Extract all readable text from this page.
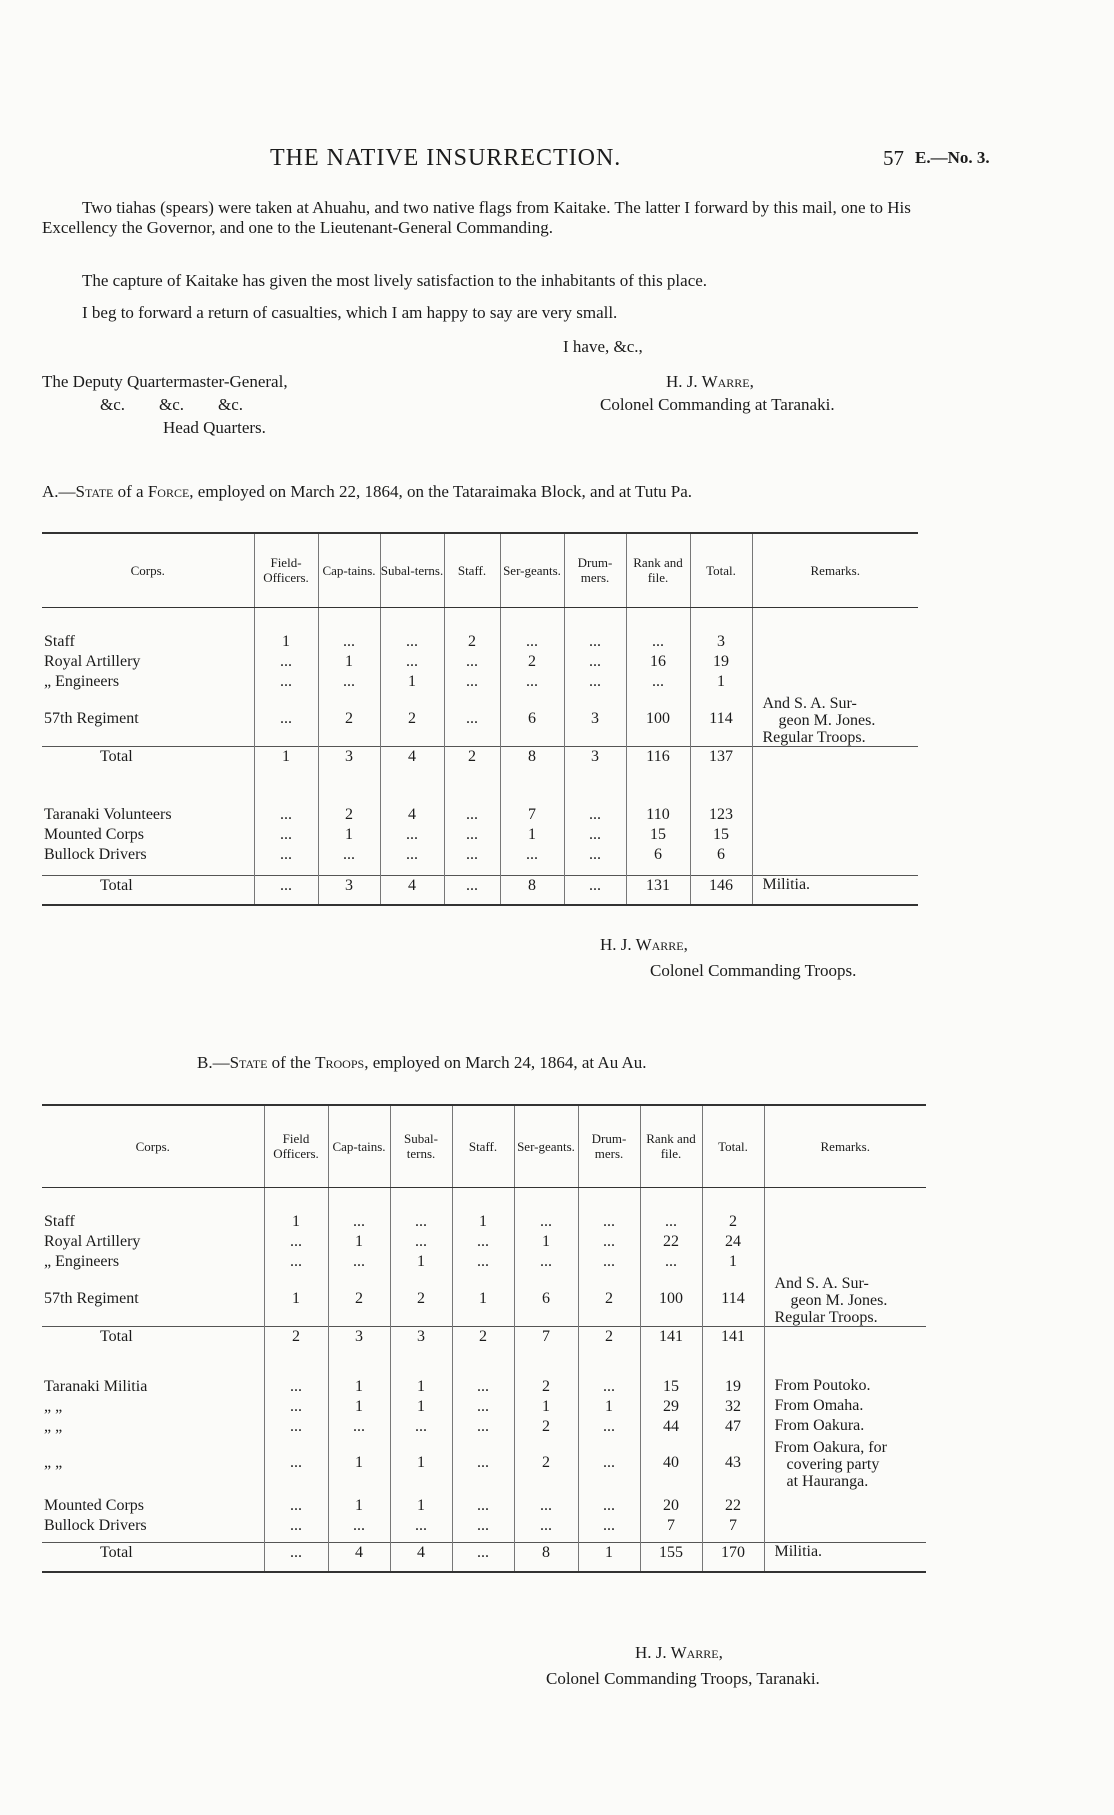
THE NATIVE INSURRECTION.	57 E.—No. 3.
Two tiahas (spears) were taken at Ahuahu, and two native flags from Kaitake. The latter I forward by this mail, one to His Excellency the Governor, and one to the Lieutenant-General Commanding.
The capture of Kaitake has given the most lively satisfaction to the inhabitants of this place.
I beg to forward a return of casualties, which I am happy to say are very small.
I have, &c.,
The Deputy Quartermaster-General,
&c.        &c.        &c.
Head Quarters.
H. J. Warre,
Colonel Commanding at Taranaki.
A.—State of a Force, employed on March 22, 1864, on the Tataraimaka Block, and at Tutu Pa.
Corps.	Field-Officers.	Cap-tains.	Subal-terns.	Staff.	Ser-geants.	Drum-mers.	Rank and file.	Total.	Remarks.

Staff	1	...	...	2	...	...	...	3	
Royal Artillery	...	1	...	...	2	...	16	19	
„ Engineers	...	...	1	...	...	...	...	1	
57th Regiment	...	2	2	...	6	3	100	114	And S. A. Sur-
geon M. Jones.
Regular Troops.

Total	1	3	4	2	8	3	116	137	

Taranaki Volunteers	...	2	4	...	7	...	110	123	
Mounted Corps	...	1	...	...	1	...	15	15	
Bullock Drivers	...	...	...	...	...	...	6	6	

Total	...	3	4	...	8	...	131	146	Militia.

H. J. Warre,
Colonel Commanding Troops.
B.—State of the Troops, employed on March 24, 1864, at Au Au.
Corps.	Field Officers.	Cap-tains.	Subal-terns.	Staff.	Ser-geants.	Drum-mers.	Rank and file.	Total.	Remarks.

Staff	1	...	...	1	...	...	...	2	
Royal Artillery	...	1	...	...	1	...	22	24	
„ Engineers	...	...	1	...	...	...	...	1	
57th Regiment	1	2	2	1	6	2	100	114	And S. A. Sur-
geon M. Jones.
Regular Troops.

Total	2	3	3	2	7	2	141	141	

Taranaki Militia	...	1	1	...	2	...	15	19	From Poutoko.
„ „	...	1	1	...	1	1	29	32	From Omaha.
„ „	...	...	...	...	2	...	44	47	From Oakura.
„ „	...	1	1	...	2	...	40	43	From Oakura, for
covering party
at Hauranga.

Mounted Corps	...	1	1	...	...	...	20	22	
Bullock Drivers	...	...	...	...	...	...	7	7	

Total	...	4	4	...	8	1	155	170	Militia.

H. J. Warre,
Colonel Commanding Troops, Taranaki.
